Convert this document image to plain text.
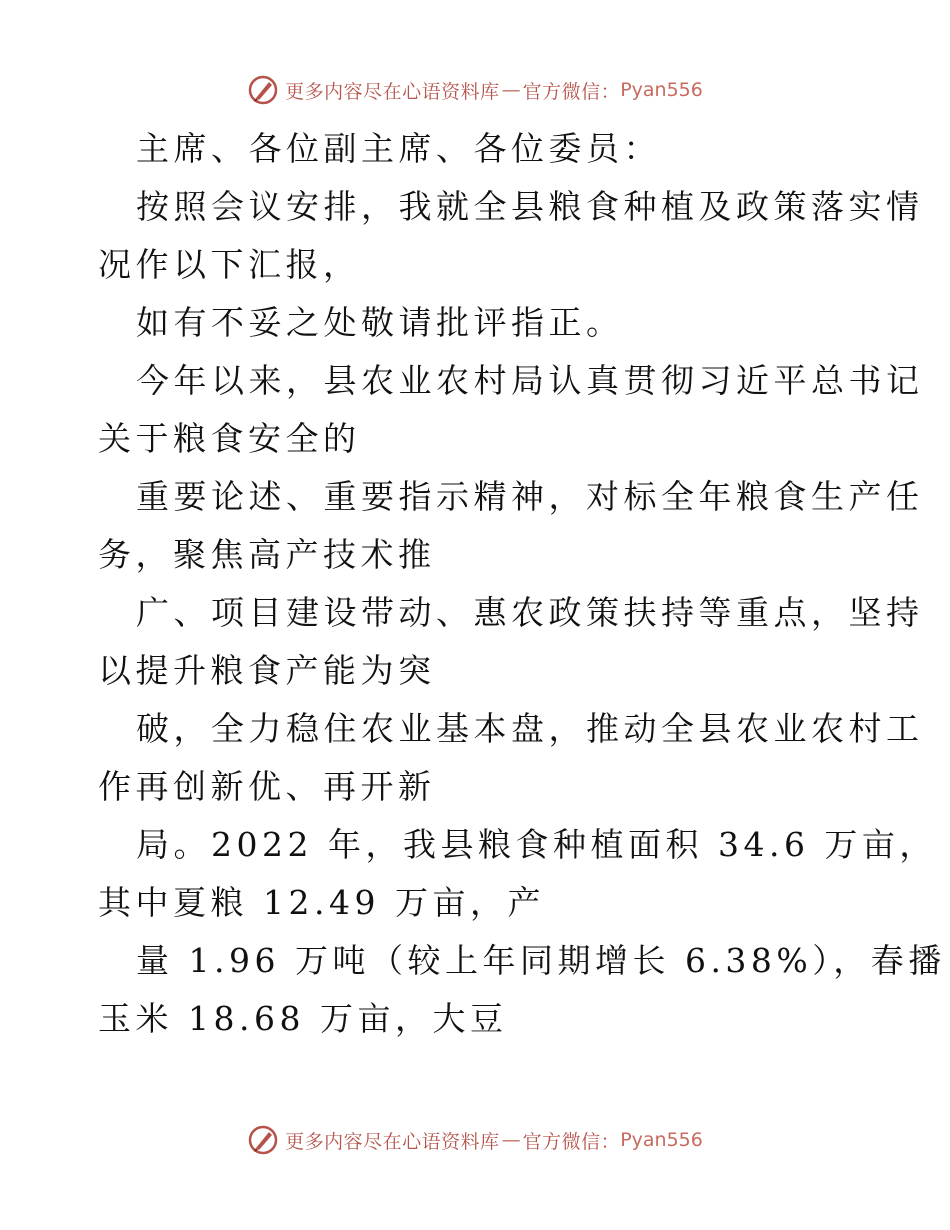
更多内容尽在心语资料库 — 官方微信： Pyan556
主席、各位副主席、各位委员：
按照会议安排，我就全县粮食种植及政策落实情
况作以下汇报，
如有不妥之处敬请批评指正。
今年以来，县农业农村局认真贯彻习近平总书记
关于粮食安全的
重要论述、重要指示精神，对标全年粮食生产任
务，聚焦高产技术推
广、项目建设带动、惠农政策扶持等重点，坚持
以提升粮食产能为突
破，全力稳住农业基本盘，推动全县农业农村工
作再创新优、再开新
局。2022 年，我县粮食种植面积 34.6 万亩，
其中夏粮 12.49 万亩，产
量 1.96 万吨（较上年同期增长 6.38%），春播
玉米 18.68 万亩，大豆
更多内容尽在心语资料库 — 官方微信： Pyan556
